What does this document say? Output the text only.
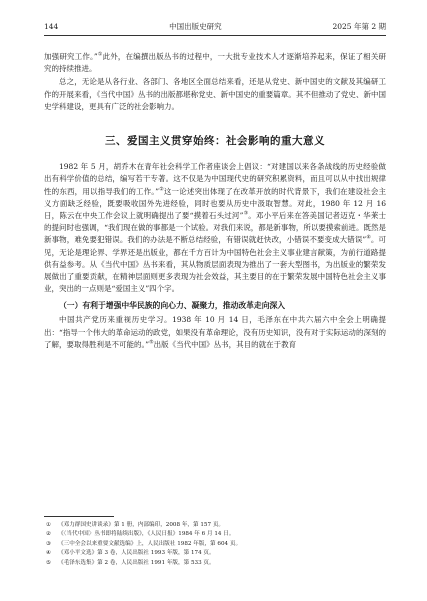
144	中国出版史研究	2025 年第 2 期

加强研究工作。”①此外，在编撰出版丛书的过程中，一大批专业技术人才逐渐培养起来，保证了相关研究的持续推进。

总之，无论是从各行业、各部门、各地区全面总结来看，还是从党史、新中国史的文献及其编研工作的开展来看，《当代中国》丛书的出版都堪称党史、新中国史的重要篇章。其不但推动了党史、新中国史学科建设，更具有广泛的社会影响力。

三、爱国主义贯穿始终：社会影响的重大意义

1982 年 5 月，胡乔木在青年社会科学工作者座谈会上倡议：“对建国以来各条战线的历史经验做出有科学价值的总结，编写若干专著。这不仅是为中国现代史的研究积累资料，而且可以从中找出规律性的东西，用以指导我们的工作。”②这一论述突出体现了在改革开放的时代背景下，我们在建设社会主义方面缺乏经验，既要吸收国外先进经验，同时也要从历史中汲取智慧。对此，1980 年 12 月 16 日，陈云在中央工作会议上就明确提出了要“摸着石头过河”③。邓小平后来在答美国记者迈克・华莱士的提问时也强调，“我们现在做的事都是一个试验。对我们来说，都是新事物，所以要摸索前进。既然是新事物，难免要犯错误。我们的办法是不断总结经验，有错误就赶快改，小错误不要变成大错误”④。可见，无论是理论界、学界还是出版业，都在千方百计为中国特色社会主义事业建言献策，为前行道路提供有益参考。从《当代中国》丛书来看，其从物质层面表现为推出了一套大型图书，为出版业的繁荣发展做出了重要贡献，在精神层面则更多表现为社会效益，其主要目的在于繁荣发展中国特色社会主义事业，突出的一点则是“爱国主义”四个字。

（一）有利于增强中华民族的向心力、凝聚力，推动改革走向深入

中国共产党历来重视历史学习。1938 年 10 月 14 日，毛泽东在中共六届六中全会上明确提出：“指导一个伟大的革命运动的政党，如果没有革命理论，没有历史知识，没有对于实际运动的深刻的了解，要取得胜利是不可能的。”⑤出版《当代中国》丛书，其目的就在于教育

① 《邓力群国史讲谈录》第 1 册，内部编印，2008 年，第 157 页。
② 《〈当代中国〉丛书即将陆续出版》，《人民日报》1984 年 6 月 14 日。
③ 《三中全会以来重要文献选编》上，人民出版社 1982 年版，第 604 页。
④ 《邓小平文选》第 3 卷，人民出版社 1993 年版，第 174 页。
⑤ 《毛泽东选集》第 2 卷，人民出版社 1991 年版，第 533 页。
